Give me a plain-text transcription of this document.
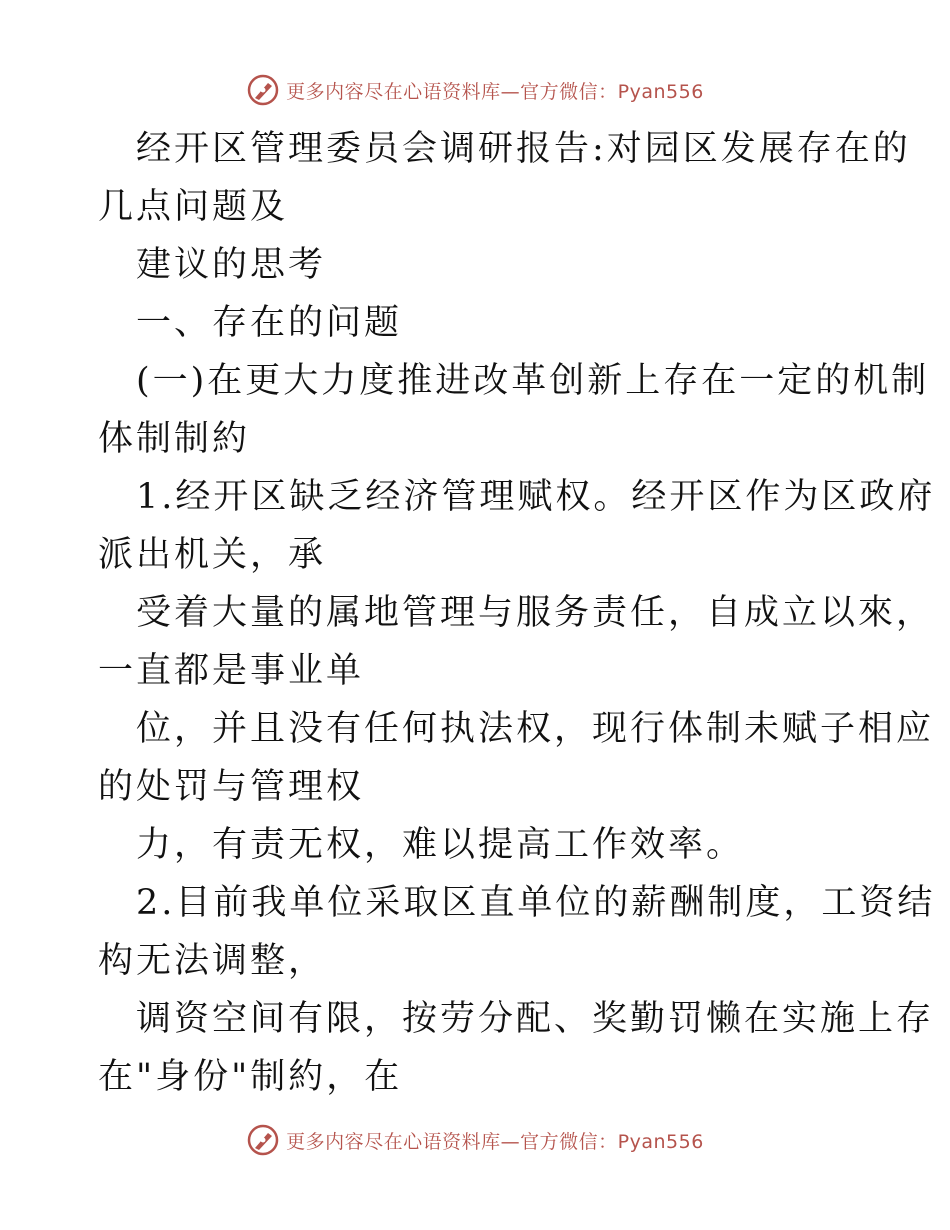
更多内容尽在心语资料库—官方微信：Pyan556
经开区管理委员会调研报告:对园区发展存在的
几点问题及
建议的思考
一、存在的问题
(一)在更大力度推进改革创新上存在一定的机制
体制制約
1.经开区缺乏经济管理赋权。经开区作为区政府
派出机关，承
受着大量的属地管理与服务责任，自成立以來，
一直都是事业单
位，并且没有任何执法权，现行体制未赋子相应
的处罚与管理权
力，有责无权，难以提高工作效率。
2.目前我单位采取区直单位的薪酬制度，工资结
构无法调整，
调资空间有限，按劳分配、奖勤罚懒在实施上存
在"身份"制約，在
更多内容尽在心语资料库—官方微信：Pyan556
